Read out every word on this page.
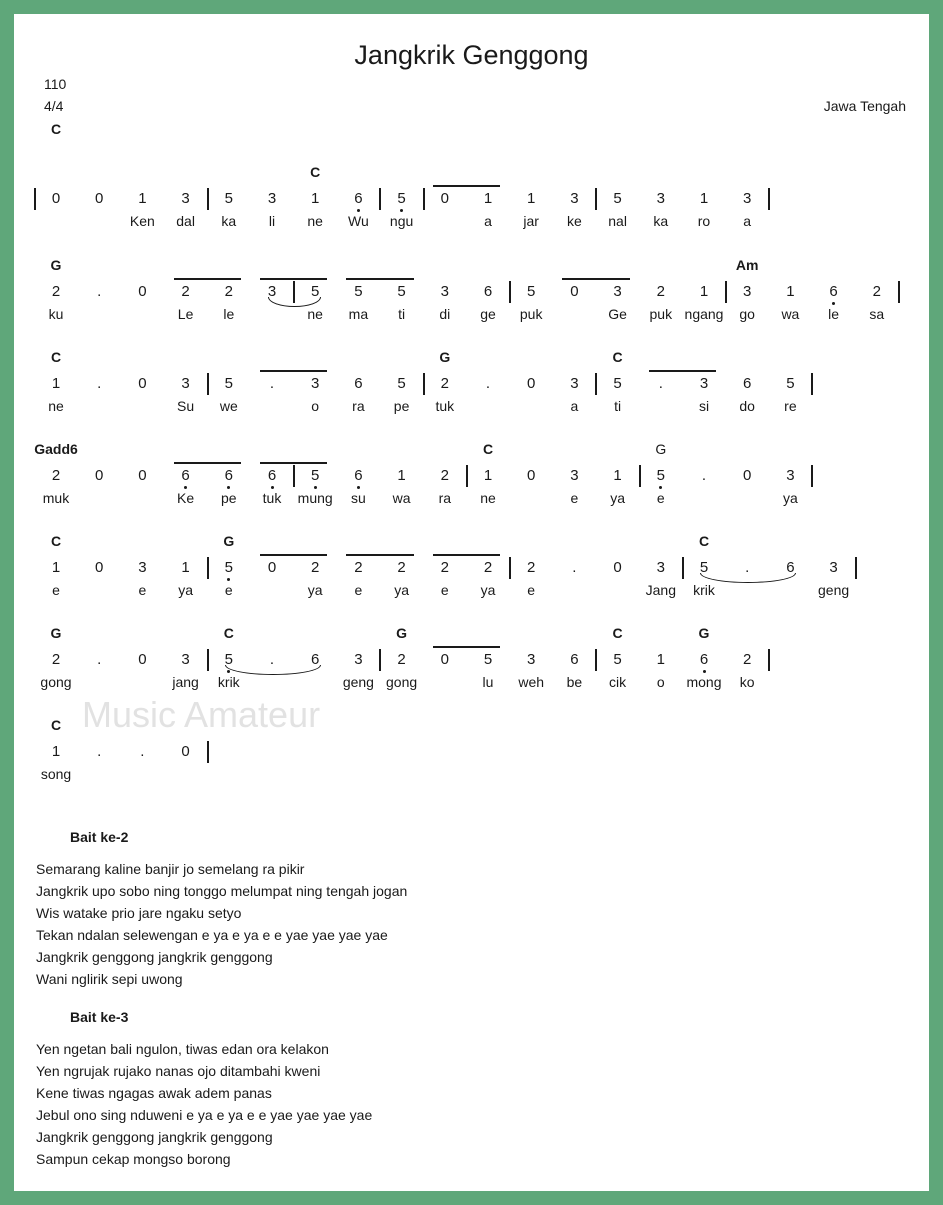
Jangkrik Genggong
110
4/4
C
Jawa Tengah
Music Amateur
C
0 0 1 3 5 3 1 6 5 0 1 1 3 5 3 1 3
Ken dal ka li ne Wu ngu	a jar ke nal ka ro a
G	Am
2 . 0 2 2 3 5 5 5 3 6 5 0 3 2 1 3 1 6 2
ku	Le le	ne ma ti di ge puk	Ge puk ngang go wa le sa
C	G	C
1 . 0 3 5 . 3 6 5 2 . 0 3 5 . 3 6 5
ne	Su we	o ra pe tuk	a	ti	si do re
Gadd6	C	G
2 0 0 6 6 6 5 6 1 2 1 0 3 1 5 . 0 3
muk	Ke pe tuk mung su wa ra ne	e ya e	ya
C	G	C
1 0 3 1 5 0 2 2 2 2 2 2 . 0 3 5 . 6 3
e	e ya e	ya e ya e ya e	Jang krik	geng
G	C	G	C	G
2 . 0 3 5 . 6 3 2 0 5 3 6 5 1 6 2
gong	jang krik	geng gong	lu weh be cik o mong ko
C
1 .	. 0
song
Bait ke-2
Semarang kaline banjir jo semelang ra pikir
Jangkrik upo sobo ning tonggo melumpat ning tengah jogan
Wis watake prio jare ngaku setyo
Tekan ndalan selewengan e ya e ya e e yae yae yae yae
Jangkrik genggong jangkrik genggong
Wani nglirik sepi uwong
Bait ke-3
Yen ngetan bali ngulon, tiwas edan ora kelakon
Yen ngrujak rujako nanas ojo ditambahi kweni
Kene tiwas ngagas awak adem panas
Jebul ono sing nduweni e ya e ya e e yae yae yae yae
Jangkrik genggong jangkrik genggong
Sampun cekap mongso borong
